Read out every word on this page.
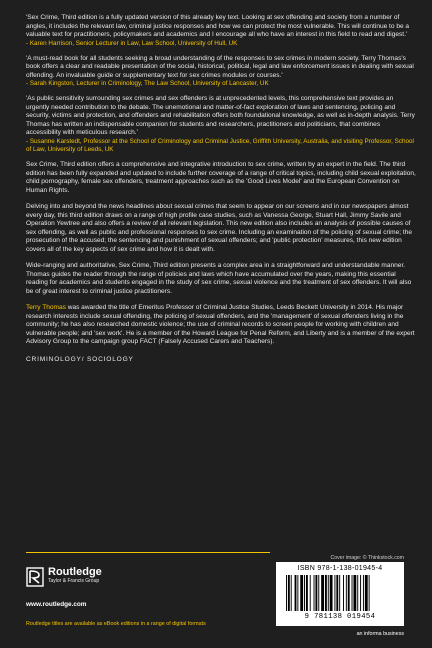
'Sex Crime, Third edition is a fully updated version of this already key text. Looking at sex offending and society from a number of angles, it includes the relevant law, criminal justice responses and how we can protect the most vulnerable. This will continue to be a valuable text for practitioners, policymakers and academics and I encourage all who have an interest in this field to read and digest.'

- Karen Harrison, Senior Lecturer in Law, Law School, University of Hull, UK

'A must-read book for all students seeking a broad understanding of the responses to sex crimes in modern society. Terry Thomas's book offers a clear and readable presentation of the social, historical, political, legal and law enforcement issues in dealing with sexual offending. An invaluable guide or supplementary text for sex crimes modules or courses.'

- Sarah Kingston, Lecturer in Criminology, The Law School, University of Lancaster, UK

'As public sensitivity surrounding sex crimes and sex offenders is at unprecedented levels, this comprehensive text provides an urgently needed contribution to the debate. The unemotional and matter-of-fact exploration of laws and sentencing, policing and security, victims and protection, and offenders and rehabilitation offers both foundational knowledge, as well as in-depth analysis. Terry Thomas has written an indispensable companion for students and researchers, practitioners and politicians, that combines accessibility with meticulous research.'

- Susanne Karstedt, Professor at the School of Criminology and Criminal Justice, Griffith University, Australia, and visiting Professor, School of Law, University of Leeds, UK

Sex Crime, Third edition offers a comprehensive and integrative introduction to sex crime, written by an expert in the field. The third edition has been fully expanded and updated to include further coverage of a range of critical topics, including child sexual exploitation, child pornography, female sex offenders, treatment approaches such as the 'Good Lives Model' and the European Convention on Human Rights.

Delving into and beyond the news headlines about sexual crimes that seem to appear on our screens and in our newspapers almost every day, this third edition draws on a range of high profile case studies, such as Vanessa George, Stuart Hall, Jimmy Savile and Operation Yewtree and also offers a review of all relevant legislation. This new edition also includes an analysis of possible causes of sex offending, as well as public and professional responses to sex crime. Including an examination of the policing of sexual crime; the prosecution of the accused; the sentencing and punishment of sexual offenders; and 'public protection' measures, this new edition covers all of the key aspects of sex crime and how it is dealt with.

Wide-ranging and authoritative, Sex Crime, Third edition presents a complex area in a straightforward and understandable manner. Thomas guides the reader through the range of policies and laws which have accumulated over the years, making this essential reading for academics and students engaged in the study of sex crime, sexual violence and the treatment of sex offenders. It will also be of great interest to criminal justice practitioners.

Terry Thomas was awarded the title of Emeritus Professor of Criminal Justice Studies, Leeds Beckett University in 2014. His major research interests include sexual offending, the policing of sexual offenders, and the 'management' of sexual offenders living in the community; he has also researched domestic violence; the use of criminal records to screen people for working with children and vulnerable people; and 'sex work'. He is a member of the Howard League for Penal Reform, and Liberty and is a member of the expert Advisory Group to the campaign group FACT (Falsely Accused Carers and Teachers).

CRIMINOLOGY/ SOCIOLOGY
Routledge
Taylor & Francis Group
www.routledge.com
Routledge titles are available as eBook editions in a range of digital formats
Cover image: © Thinkstock.com
ISBN 978-1-138-01945-4
9 781138 019454
an informa business
